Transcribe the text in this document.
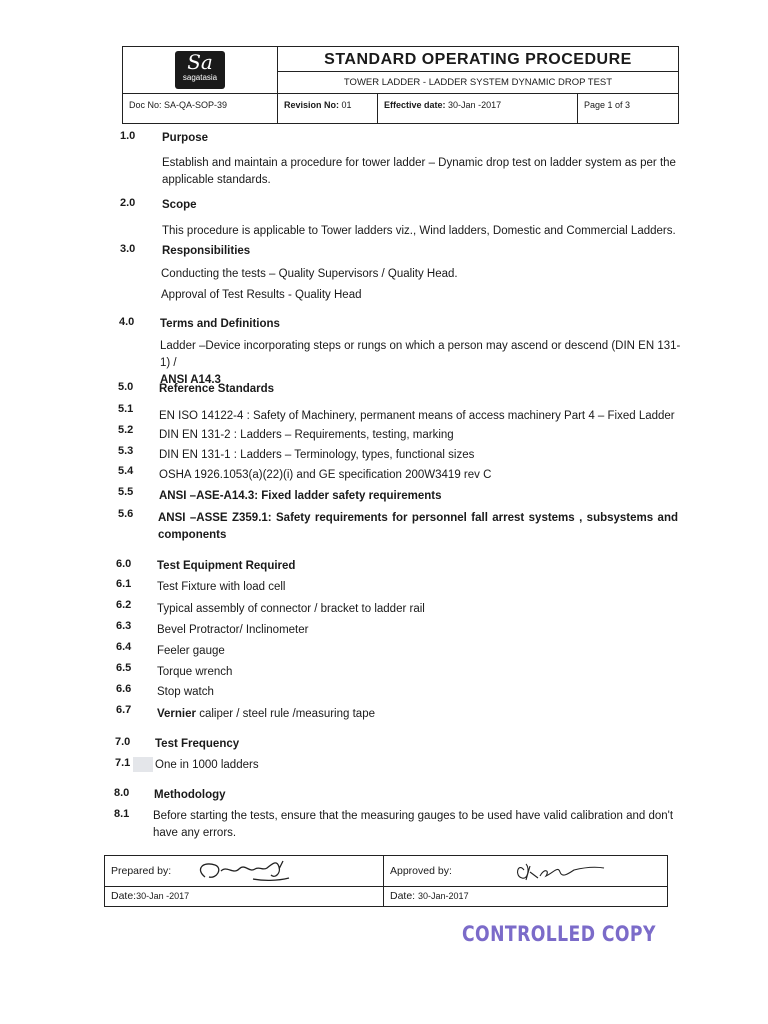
Sa
sagatasia
STANDARD OPERATING PROCEDURE
TOWER LADDER - LADDER SYSTEM DYNAMIC DROP TEST
Doc No: SA-QA-SOP-39	Revision No: 01	Effective date: 30-Jan -2017	Page 1 of 3
1.0 Purpose
Establish and maintain a procedure for tower ladder – Dynamic drop test on ladder system as per the applicable standards.
2.0 Scope
This procedure is applicable to Tower ladders viz., Wind ladders, Domestic and Commercial Ladders.
3.0 Responsibilities
Conducting the tests – Quality Supervisors / Quality Head.
Approval of Test Results - Quality Head
4.0 Terms and Definitions
Ladder –Device incorporating steps or rungs on which a person may ascend or descend (DIN EN 131-1) /
ANSI A14.3
5.0 Reference Standards
5.1
EN ISO 14122-4 : Safety of Machinery, permanent means of access machinery Part 4 – Fixed Ladder
5.2 DIN EN 131-2 : Ladders – Requirements, testing, marking
5.3 DIN EN 131-1 : Ladders – Terminology, types, functional sizes
5.4 OSHA 1926.1053(a)(22)(i) and GE specification 200W3419 rev C
5.5 ANSI –ASE-A14.3: Fixed ladder safety requirements
5.6 ANSI –ASSE Z359.1: Safety requirements for personnel fall arrest systems , subsystems and components
6.0 Test Equipment Required
6.1 Test Fixture with load cell
6.2 Typical assembly of connector / bracket to ladder rail
6.3 Bevel Protractor/ Inclinometer
6.4 Feeler gauge
6.5 Torque wrench
6.6 Stop watch
6.7 Vernier caliper / steel rule /measuring tape
7.0 Test Frequency
7.1 One in 1000 ladders
8.0 Methodology
8.1 Before starting the tests, ensure that the measuring gauges to be used have valid calibration and don't have any errors.
Prepared by:	Approved by:
Date:30-Jan -2017	Date: 30-Jan-2017
CONTROLLED COPY
